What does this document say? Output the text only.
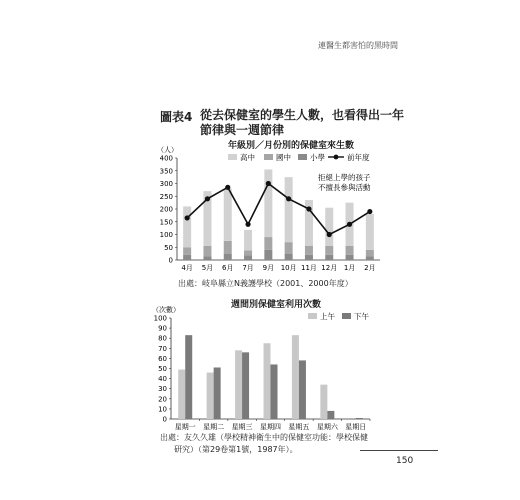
連醫生都害怕的黑時間
圖表4 從去保健室的學生人數，也看得出一年
節律與一週節律
年級別／月份別的保健室來生數
（人）
0
50
100
150
200
250
300
350
400
4月 5月 6月 7月 9月 10月 11月 12月 1月 2月
高中	國中	小學	前年度
拒絕上學的孩子
不擅長參與活動
出處：岐阜縣立N義護學校（2001、2000年度）
週間別保健室利用次數
（次數）
0
10
20
30
40
50
60
70
80
90
100
星期一 星期二 星期三 星期四 星期五 星期六 星期日
上午	下午
出處：友久久雄（學校精神衛生中的保健室功能：學校保健
研究）（第29卷第1號，1987年）。
150
